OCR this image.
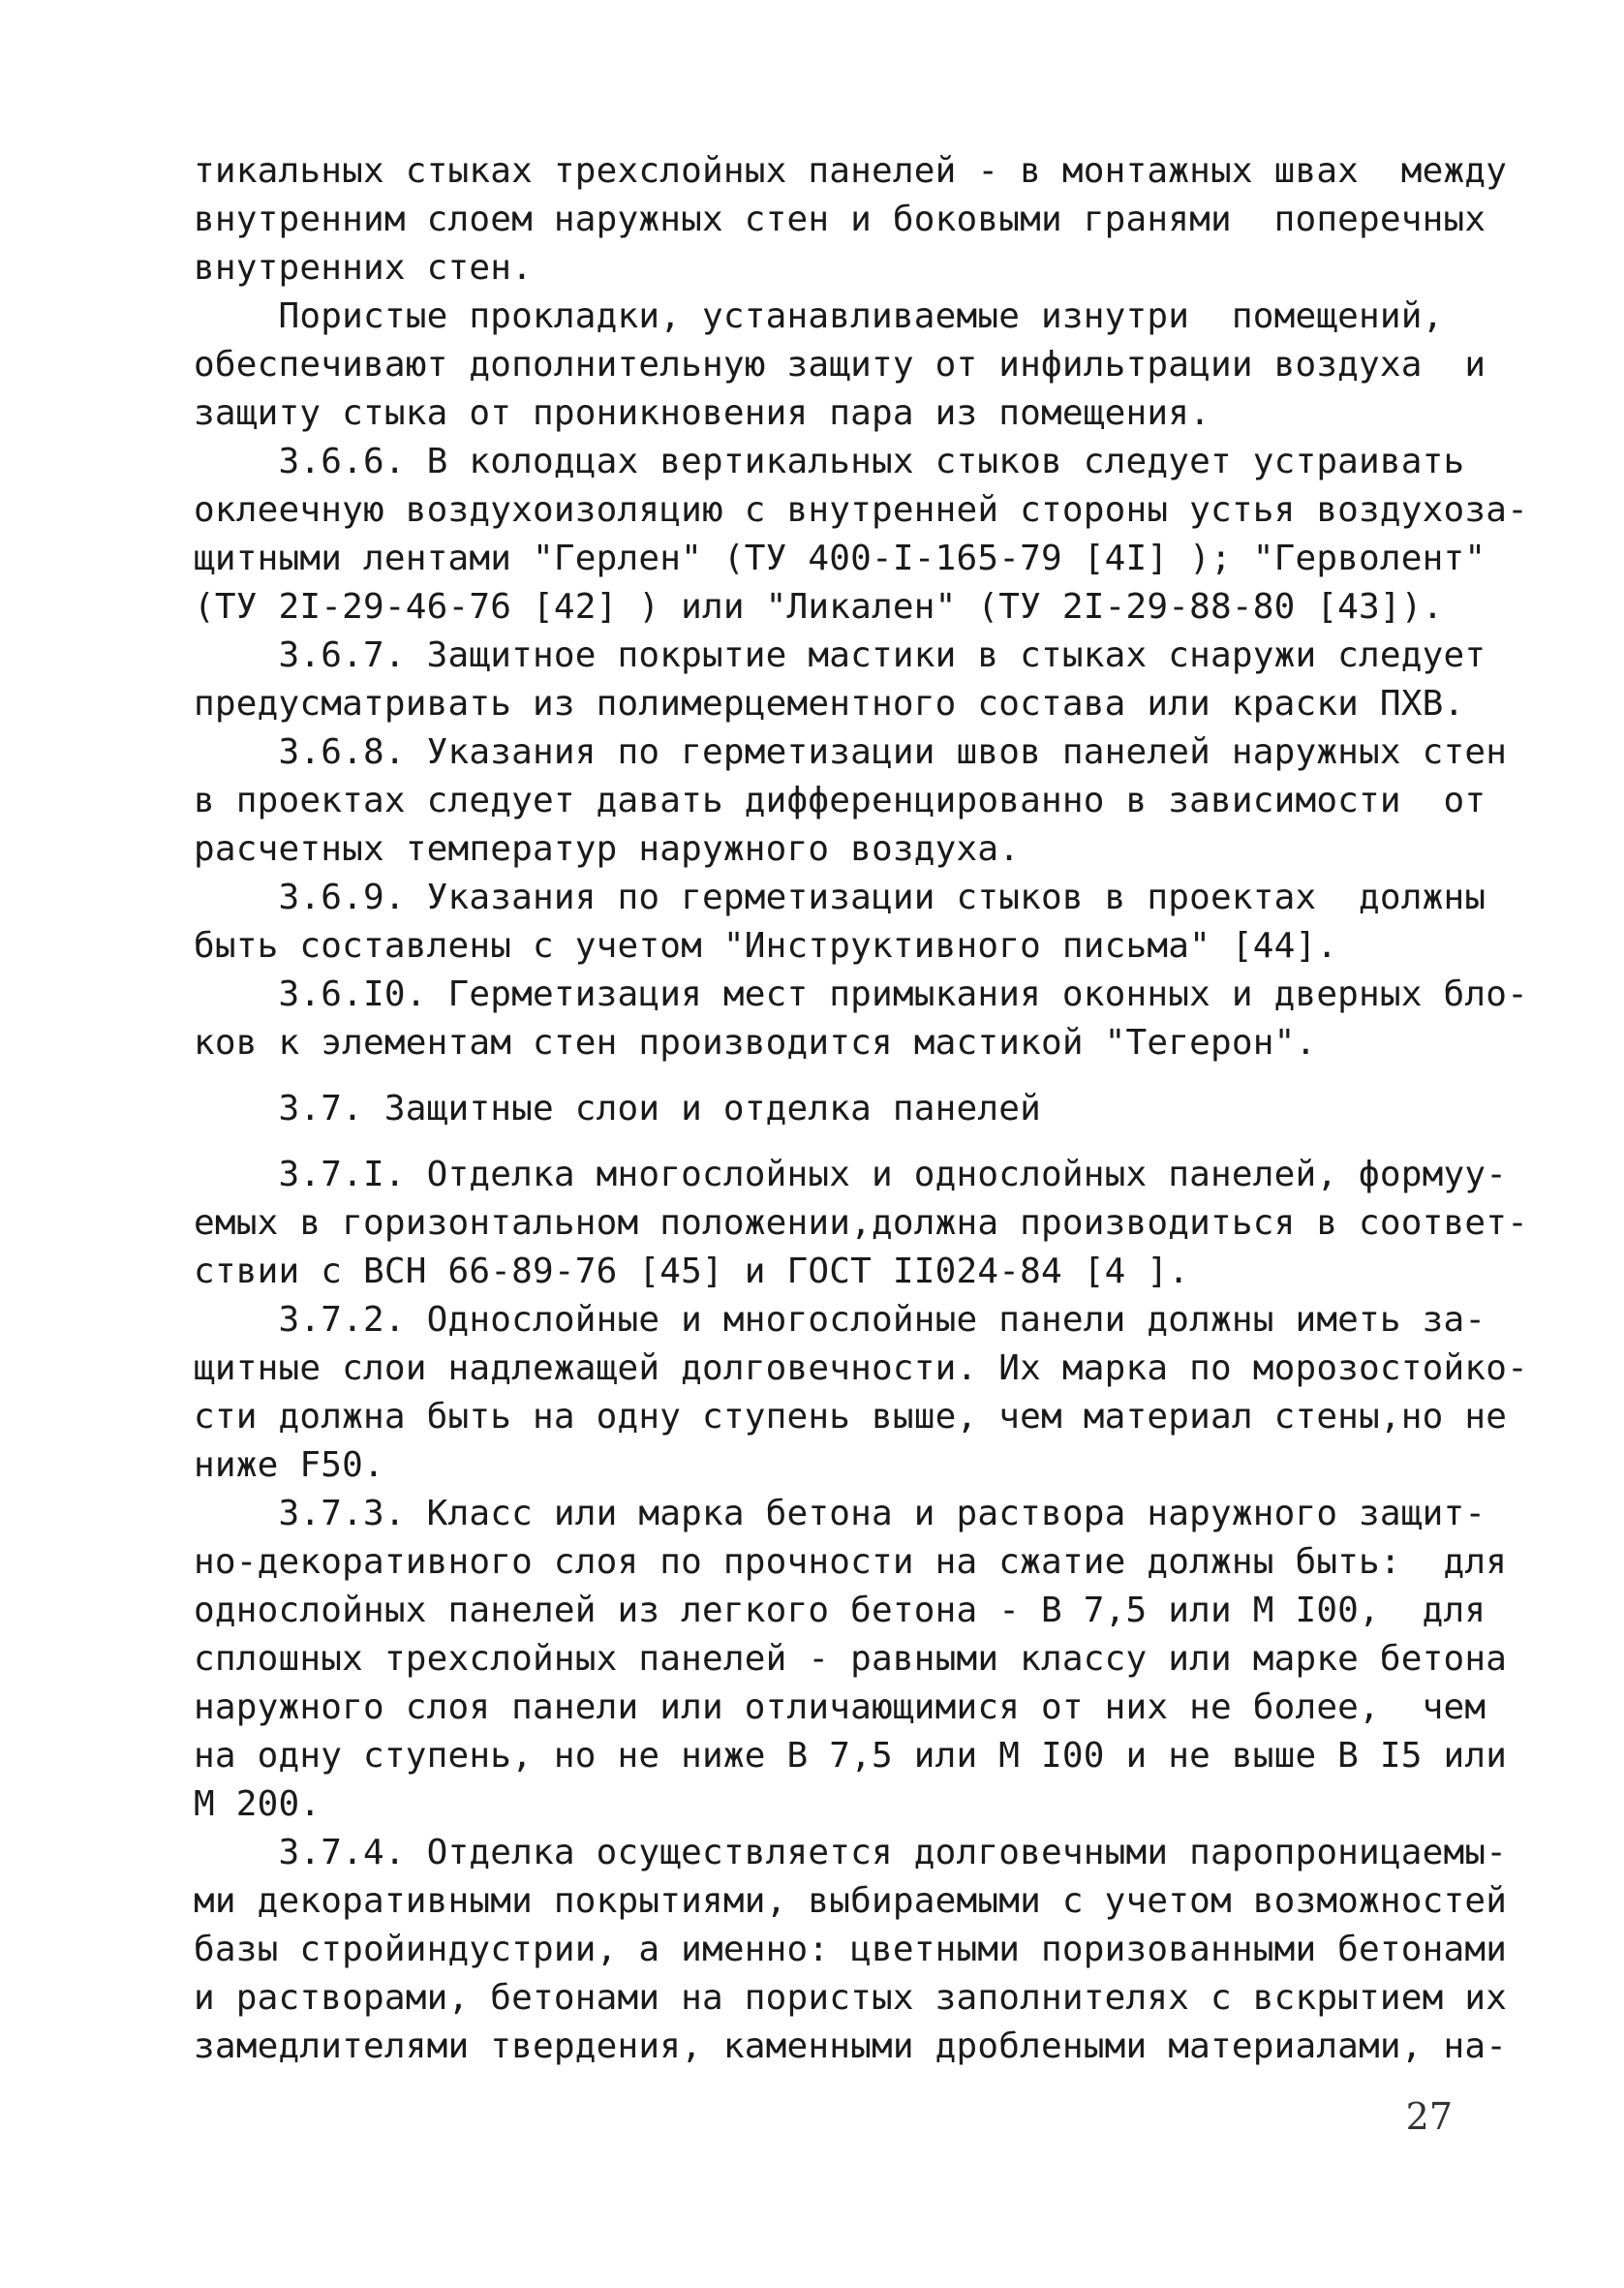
тикальных стыках трехслойных панелей - в монтажных швах  между
внутренним слоем наружных стен и боковыми гранями  поперечных
внутренних стен.
Пористые прокладки, устанавливаемые изнутри  помещений,
обеспечивают дополнительную защиту от инфильтрации воздуха  и
защиту стыка от проникновения пара из помещения.
3.6.6. В колодцах вертикальных стыков следует устраивать
оклеечную воздухоизоляцию с внутренней стороны устья воздухоза-
щитными лентами "Герлен" (ТУ 400-I-165-79 [4I] ); "Герволент"
(ТУ 2I-29-46-76 [42] ) или "Ликален" (ТУ 2I-29-88-80 [43]).
3.6.7. Защитное покрытие мастики в стыках снаружи следует
предусматривать из полимерцементного состава или краски ПХВ.
3.6.8. Указания по герметизации швов панелей наружных стен
в проектах следует давать дифференцированно в зависимости  от
расчетных температур наружного воздуха.
3.6.9. Указания по герметизации стыков в проектах  должны
быть составлены с учетом "Инструктивного письма" [44].
3.6.I0. Герметизация мест примыкания оконных и дверных бло-
ков к элементам стен производится мастикой "Тегерон".
3.7. Защитные слои и отделка панелей
3.7.I. Отделка многослойных и однослойных панелей, формуу-
емых в горизонтальном положении,должна производиться в соответ-
ствии с ВСН 66-89-76 [45] и ГОСТ II024-84 [4 ].
3.7.2. Однослойные и многослойные панели должны иметь за-
щитные слои надлежащей долговечности. Их марка по морозостойко-
сти должна быть на одну ступень выше, чем материал стены,но не
ниже F50.
3.7.3. Класс или марка бетона и раствора наружного защит-
но-декоративного слоя по прочности на сжатие должны быть:  для
однослойных панелей из легкого бетона - В 7,5 или М I00,  для
сплошных трехслойных панелей - равными классу или марке бетона
наружного слоя панели или отличающимися от них не более,  чем
на одну ступень, но не ниже В 7,5 или М I00 и не выше В I5 или
М 200.
3.7.4. Отделка осуществляется долговечными паропроницаемы-
ми декоративными покрытиями, выбираемыми с учетом возможностей
базы стройиндустрии, а именно: цветными поризованными бетонами
и растворами, бетонами на пористых заполнителях с вскрытием их
замедлителями твердения, каменными дроблеными материалами, на-
27
